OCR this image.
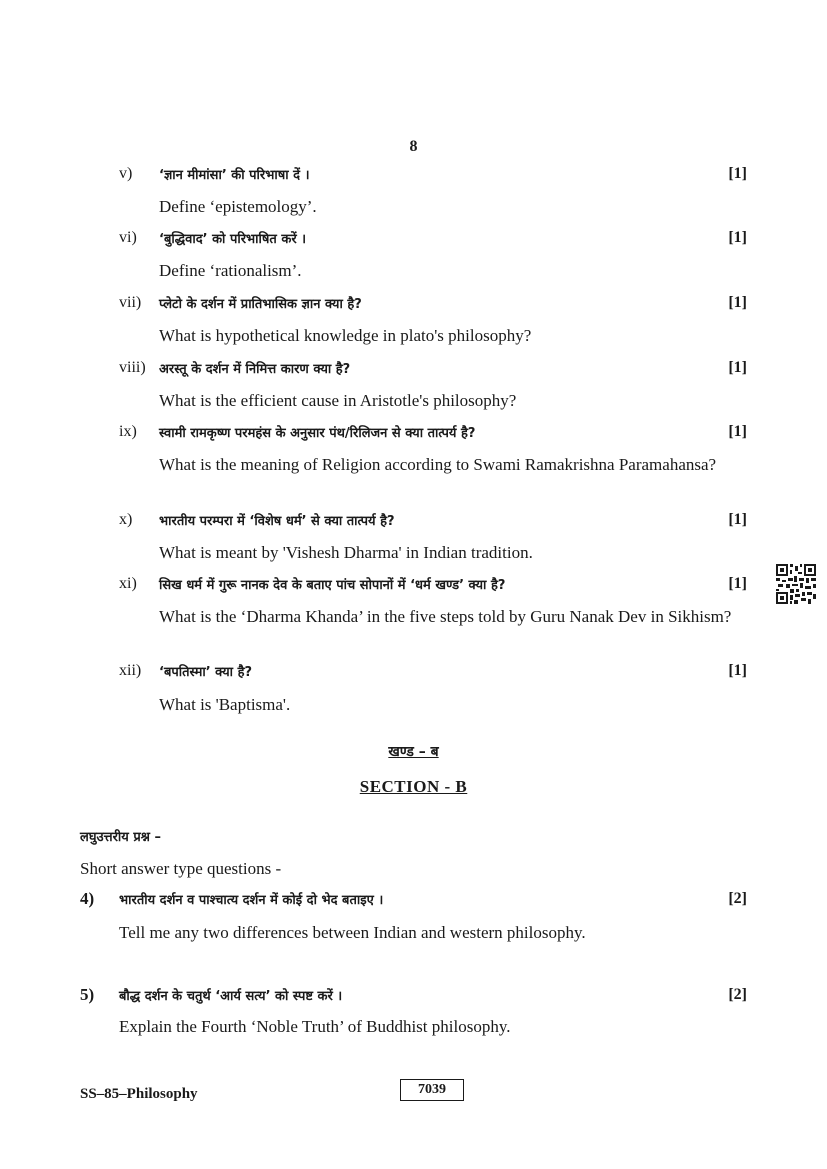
8
v) ‘ज्ञान मीमांसा’ की परिभाषा दें ।	[1]
Define ‘epistemology’.
vi) ‘बुद्धिवाद’ को परिभाषित करें ।	[1]
Define ‘rationalism’.
vii) प्लेटो के दर्शन में प्रातिभासिक ज्ञान क्या है?	[1]
What is hypothetical knowledge in plato's philosophy?
viii) अरस्तू के दर्शन में निमित्त कारण क्या है?	[1]
What is the efficient cause in Aristotle's philosophy?
ix) स्वामी रामकृष्ण परमहंस के अनुसार पंथ/रिलिजन से क्या तात्पर्य है?	[1]
What is the meaning of Religion according to Swami Ramakrishna Paramahansa?
x) भारतीय परम्परा में ‘विशेष धर्म’ से क्या तात्पर्य है?	[1]
What is meant by 'Vishesh Dharma' in Indian tradition.
xi) सिख धर्म में गुरू नानक देव के बताए पांच सोपानों में ‘धर्म खण्ड’ क्या है?	[1]
What is the ‘Dharma Khanda’ in the five steps told by Guru Nanak Dev in Sikhism?
xii) ‘बपतिस्मा’ क्या है?	[1]
What is 'Baptisma'.
खण्ड – ब
SECTION - B
लघुउत्तरीय प्रश्न –
Short answer type questions -
4) भारतीय दर्शन व पाश्चात्य दर्शन में कोई दो भेद बताइए ।	[2]
Tell me any two differences between Indian and western philosophy.
5) बौद्ध दर्शन के चतुर्थ ‘आर्य सत्य’ को स्पष्ट करें ।	[2]
Explain the Fourth ‘Noble Truth’ of Buddhist philosophy.
SS–85–Philosophy	7039
